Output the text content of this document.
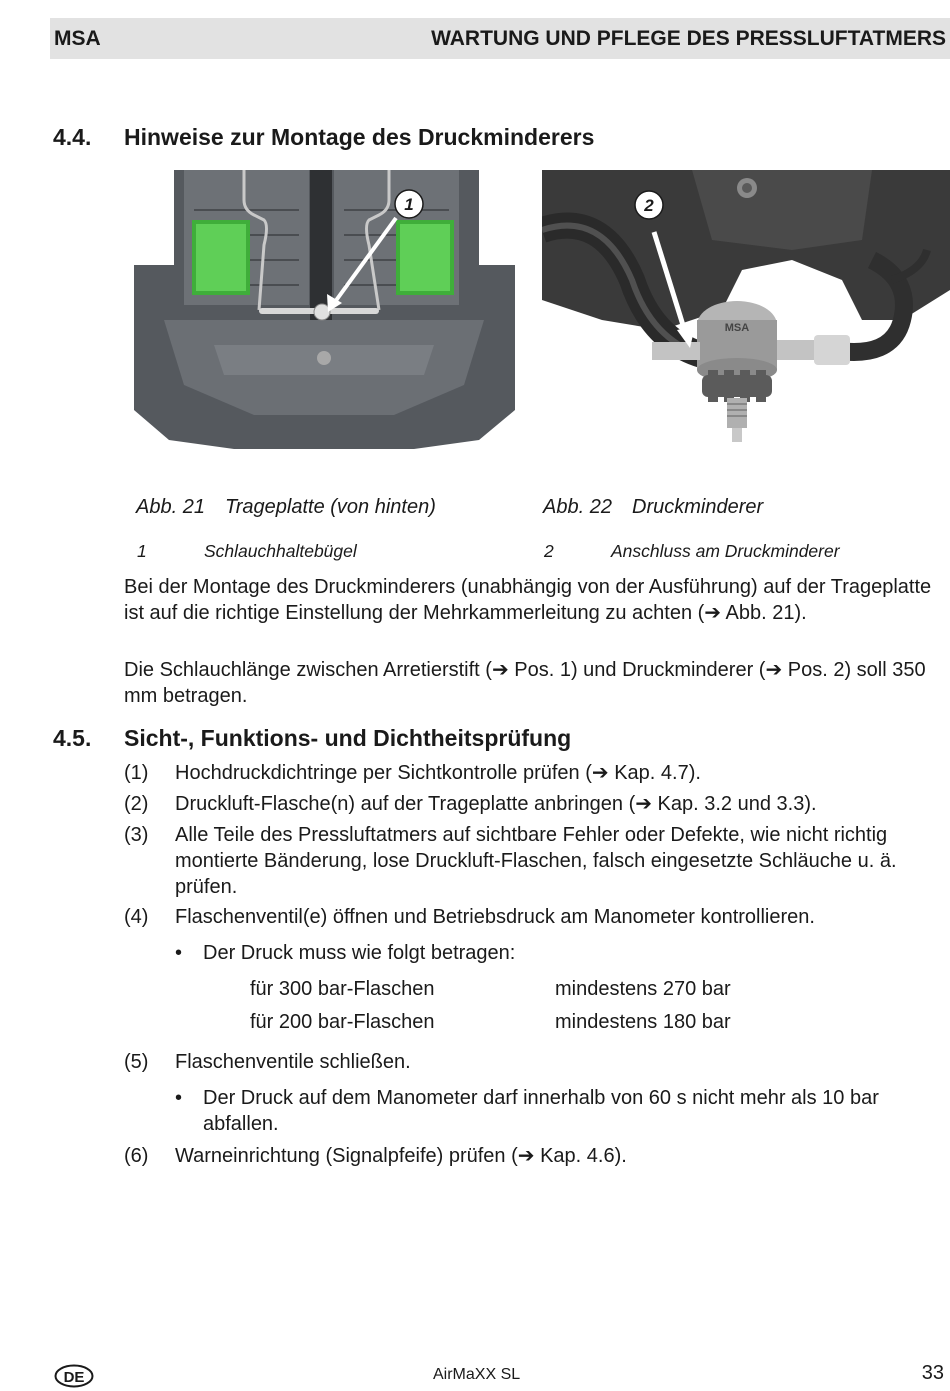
MSA	WARTUNG UND PFLEGE DES PRESSLUFTATMERS
4.4. Hinweise zur Montage des Druckminderers
1
MSA
2
Abb. 21 Trageplatte (von hinten)	Abb. 22 Druckminderer
1	Schlauchhaltebügel	2	Anschluss am Druckminderer
Bei der Montage des Druckminderers (unabhängig von der Ausführung) auf der Trageplatte ist auf die richtige Einstellung der Mehrkammerleitung zu achten (➔ Abb. 21).
Die Schlauchlänge zwischen Arretierstift (➔ Pos. 1) und Druckminderer (➔ Pos. 2) soll 350 mm betragen.
4.5. Sicht-, Funktions- und Dichtheitsprüfung
(1) Hochdruckdichtringe per Sichtkontrolle prüfen (➔ Kap. 4.7).
(2) Druckluft-Flasche(n) auf der Trageplatte anbringen (➔ Kap. 3.2 und 3.3).
(3) Alle Teile des Pressluftatmers auf sichtbare Fehler oder Defekte, wie nicht richtig montierte Bänderung, lose Druckluft-Flaschen, falsch eingesetzte Schläuche u. ä. prüfen.
(4) Flaschenventil(e) öffnen und Betriebsdruck am Manometer kontrollieren.
• Der Druck muss wie folgt betragen:
für 300 bar-Flaschen	mindestens 270 bar
für 200 bar-Flaschen	mindestens 180 bar
(5) Flaschenventile schließen.
• Der Druck auf dem Manometer darf innerhalb von 60 s nicht mehr als 10 bar abfallen.
(6) Warneinrichtung (Signalpfeife) prüfen (➔ Kap. 4.6).
DE	AirMaXX SL	33
